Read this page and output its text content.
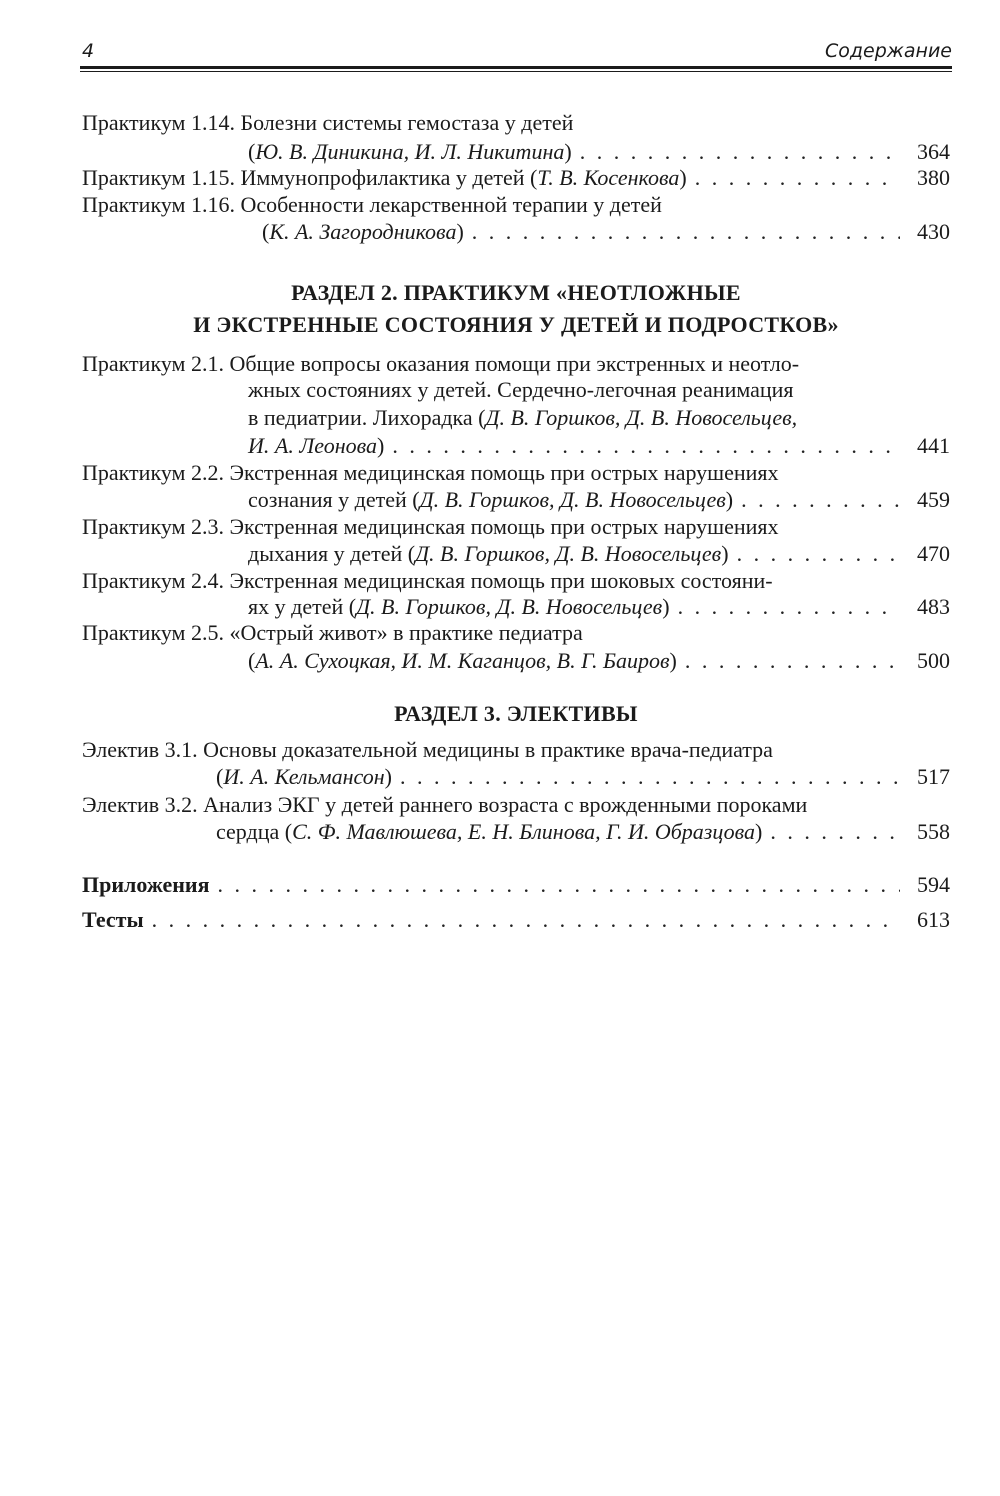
4	Содержание
Практикум 1.14. Болезни системы гемостаза у детей
(Ю. В. Диникина, И. Л. Никитина) . . .	364
Практикум 1.15. Иммунопрофилактика у детей (Т. В. Косенкова) . . .	380
Практикум 1.16. Особенности лекарственной терапии у детей
(К. А. Загородникова) . . .	430
РАЗДЕЛ 2. ПРАКТИКУМ «НЕОТЛОЖНЫЕ
И ЭКСТРЕННЫЕ СОСТОЯНИЯ У ДЕТЕЙ И ПОДРОСТКОВ»
Практикум 2.1. Общие вопросы оказания помощи при экстренных и неотло-
жных состояниях у детей. Сердечно-легочная реанимация
в педиатрии. Лихорадка (Д. В. Горшков, Д. В. Новосельцев,
И. А. Леонова) . . .	441
Практикум 2.2. Экстренная медицинская помощь при острых нарушениях
сознания у детей (Д. В. Горшков, Д. В. Новосельцев) . . .	459
Практикум 2.3. Экстренная медицинская помощь при острых нарушениях
дыхания у детей (Д. В. Горшков, Д. В. Новосельцев) . . .	470
Практикум 2.4. Экстренная медицинская помощь при шоковых состояни-
ях у детей (Д. В. Горшков, Д. В. Новосельцев) . . .	483
Практикум 2.5. «Острый живот» в практике педиатра
(А. А. Сухоцкая, И. М. Каганцов, В. Г. Баиров) . . .	500
РАЗДЕЛ 3. ЭЛЕКТИВЫ
Электив 3.1. Основы доказательной медицины в практике врача-педиатра
(И. А. Кельмансон) . . .	517
Электив 3.2. Анализ ЭКГ у детей раннего возраста с врожденными пороками
сердца (С. Ф. Мавлюшева, Е. Н. Блинова, Г. И. Образцова) . . .	558
Приложения . . .	594
Тесты . . .	613
